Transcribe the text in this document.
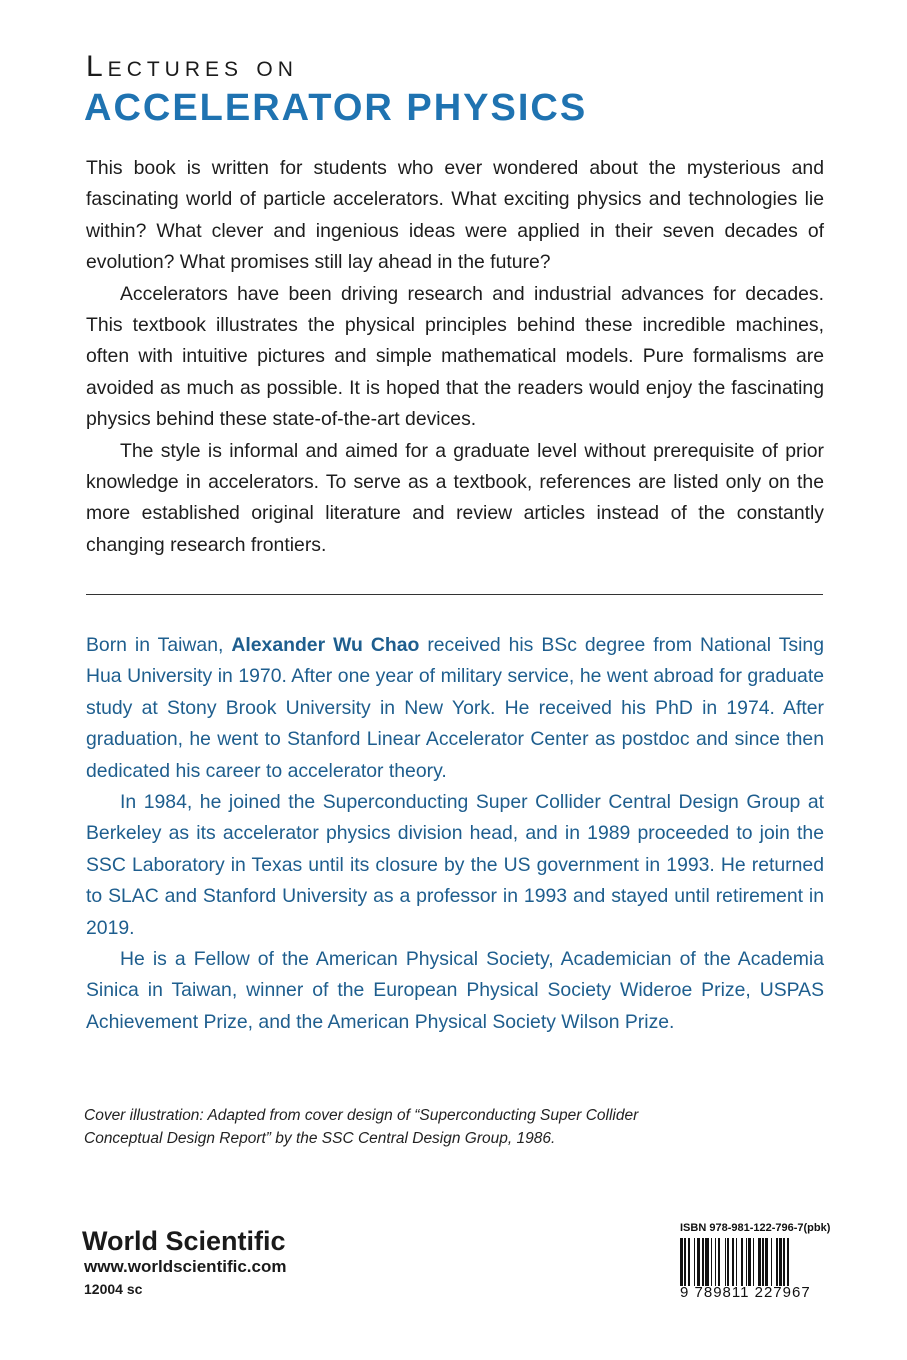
Lectures on
ACCELERATOR PHYSICS

This book is written for students who ever wondered about the mysterious and fascinating world of particle accelerators. What exciting physics and technologies lie within? What clever and ingenious ideas were applied in their seven decades of evolution? What promises still lay ahead in the future?

Accelerators have been driving research and industrial advances for decades. This textbook illustrates the physical principles behind these incredible machines, often with intuitive pictures and simple mathematical models. Pure formalisms are avoided as much as possible. It is hoped that the readers would enjoy the fascinating physics behind these state-of-the-art devices.

The style is informal and aimed for a graduate level without prerequisite of prior knowledge in accelerators. To serve as a textbook, references are listed only on the more established original literature and review articles instead of the constantly changing research frontiers.

Born in Taiwan, Alexander Wu Chao received his BSc degree from National Tsing Hua University in 1970. After one year of military service, he went abroad for graduate study at Stony Brook University in New York. He received his PhD in 1974. After graduation, he went to Stanford Linear Accelerator Center as postdoc and since then dedicated his career to accelerator theory.

In 1984, he joined the Superconducting Super Collider Central Design Group at Berkeley as its accelerator physics division head, and in 1989 proceeded to join the SSC Laboratory in Texas until its closure by the US government in 1993. He returned to SLAC and Stanford University as a professor in 1993 and stayed until retirement in 2019.

He is a Fellow of the American Physical Society, Academician of the Academia Sinica in Taiwan, winner of the European Physical Society Wideroe Prize, USPAS Achievement Prize, and the American Physical Society Wilson Prize.

Cover illustration: Adapted from cover design of “Superconducting Super Collider
Conceptual Design Report” by the SSC Central Design Group, 1986.
World Scientific
www.worldscientific.com
12004 sc
ISBN 978-981-122-796-7(pbk)
9 789811 227967
